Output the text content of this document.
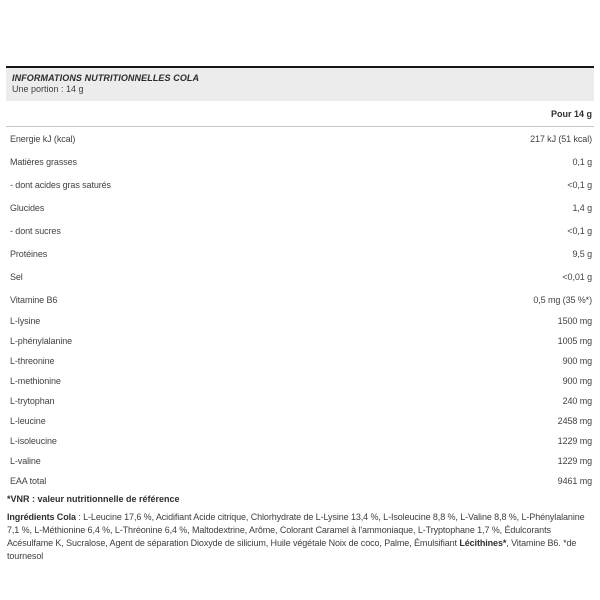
INFORMATIONS NUTRITIONNELLES COLA
Une portion : 14 g
Pour 14 g
Energie kJ (kcal)	217 kJ (51 kcal)
Matières grasses	0,1 g
- dont acides gras saturés	<0,1 g
Glucides	1,4 g
- dont sucres	<0,1 g
Protéines	9,5 g
Sel	<0,01 g
Vitamine B6	0,5 mg (35 %*)
L-lysine	1500 mg
L-phénylalanine	1005 mg
L-threonine	900 mg
L-methionine	900 mg
L-trytophan	240 mg
L-leucine	2458 mg
L-isoleucine	1229 mg
L-valine	1229 mg
EAA total	9461 mg
*VNR : valeur nutritionnelle de référence

Ingrédients Cola : L-Leucine 17,6 %, Acidifiant Acide citrique, Chlorhydrate de L-Lysine 13,4 %, L-Isoleucine 8,8 %, L-Valine 8,8 %, L-Phénylalanine 7,1 %, L-Méthionine 6,4 %, L-Thréonine 6,4 %, Maltodextrine, Arôme, Colorant Caramel à l'ammoniaque, L-Tryptophane 1,7 %, Édulcorants Acésulfame K, Sucralose, Agent de séparation Dioxyde de silicium, Huile végétale Noix de coco, Palme, Émulsifiant Lécithines*, Vitamine B6. *de tournesol
